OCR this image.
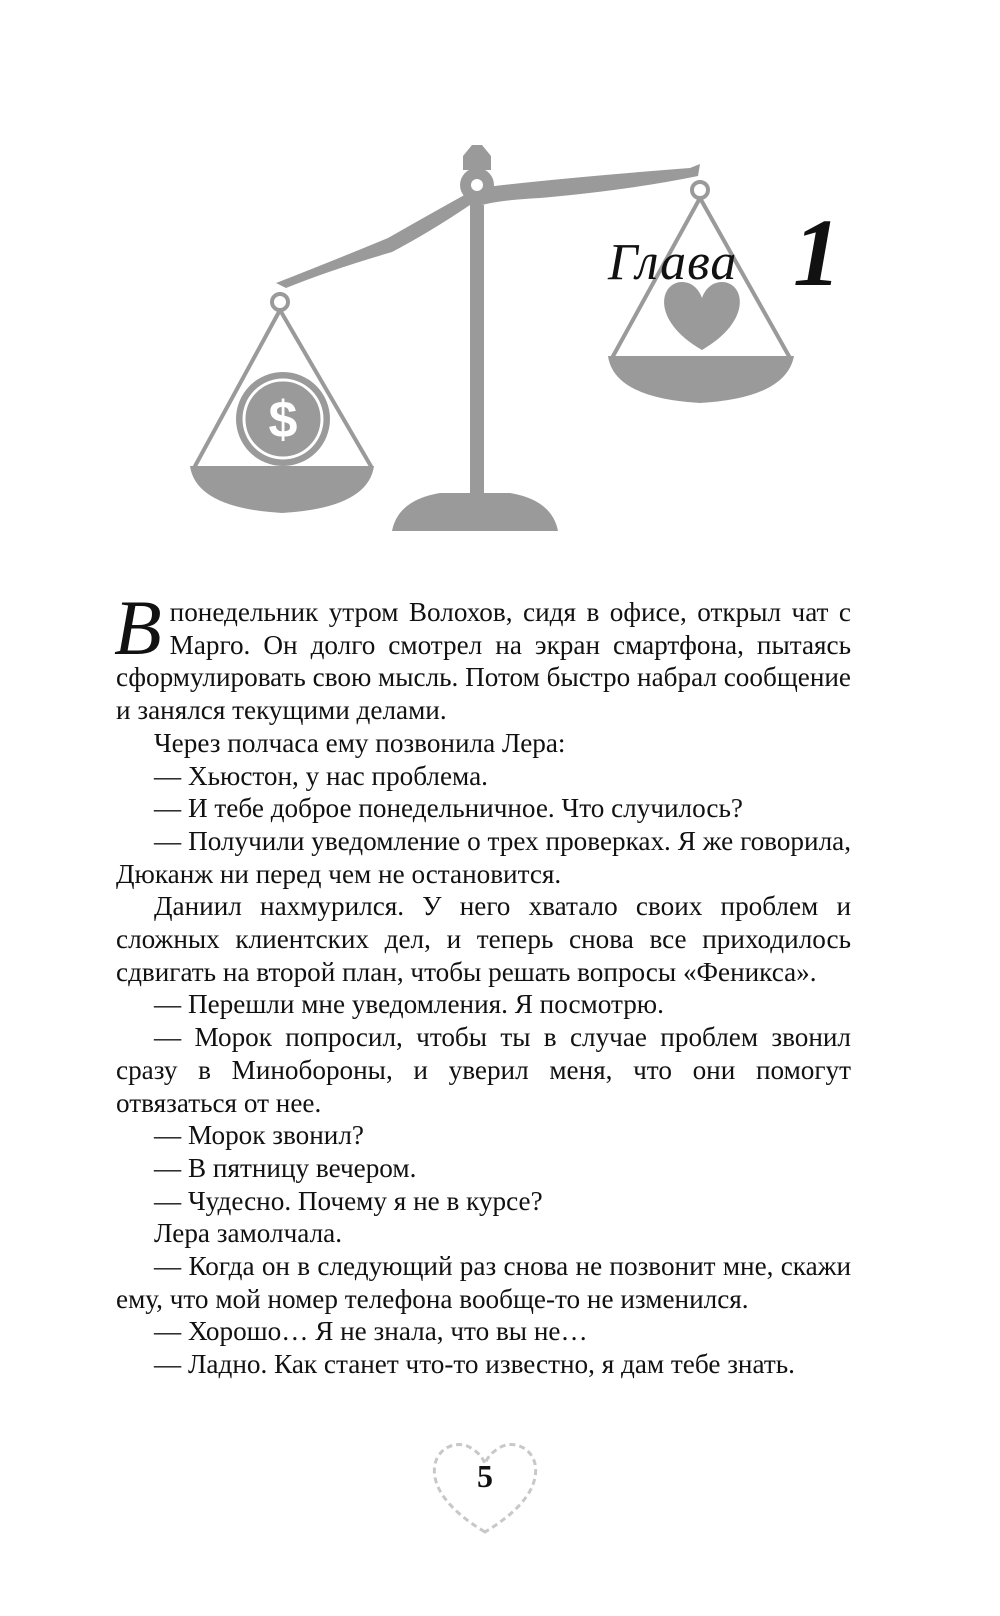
$
Глава 1

В понедельник утром Волохов, сидя в офисе, открыл чат с Марго. Он долго смотрел на экран смартфона, пытаясь сформулировать свою мысль. Потом быстро набрал сообщение и занялся текущими делами.

Через полчаса ему позвонила Лера:

— Хьюстон, у нас проблема.

— И тебе доброе понедельничное. Что случилось?

— Получили уведомление о трех проверках. Я же говорила, Дюканж ни перед чем не остановится.

Даниил нахмурился. У него хватало своих проблем и сложных клиентских дел, и теперь снова все приходилось сдвигать на второй план, чтобы решать вопросы «Феникса».

— Перешли мне уведомления. Я посмотрю.

— Морок попросил, чтобы ты в случае проблем звонил сразу в Минобороны, и уверил меня, что они помогут отвязаться от нее.

— Морок звонил?

— В пятницу вечером.

— Чудесно. Почему я не в курсе?

Лера замолчала.

— Когда он в следующий раз снова не позвонит мне, скажи ему, что мой номер телефона вообще-то не изменился.

— Хорошо… Я не знала, что вы не…

— Ладно. Как станет что-то известно, я дам тебе знать.

5
